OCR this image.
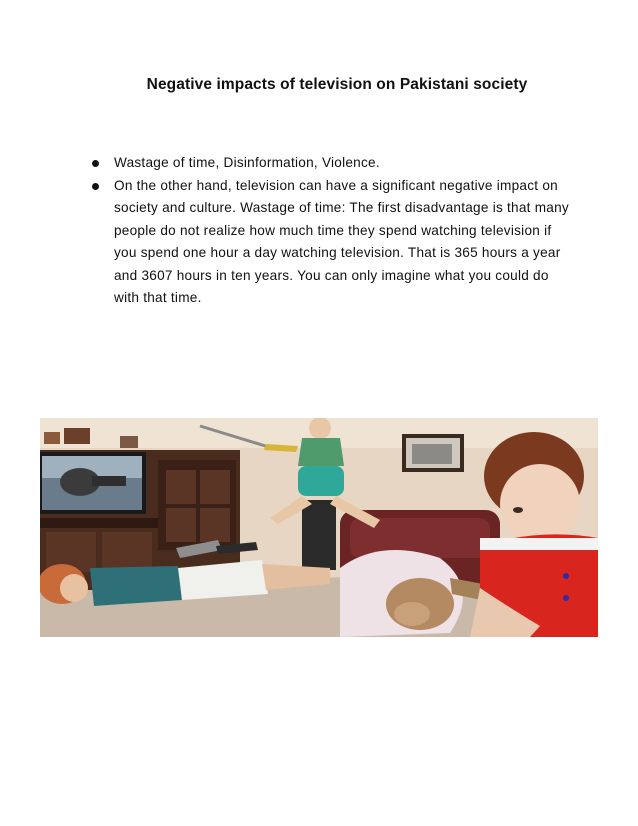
Negative impacts of television on Pakistani society
Wastage of time, Disinformation, Violence.
On the other hand, television can have a significant negative impact on society and culture. Wastage of time: The first disadvantage is that many people do not realize how much time they spend watching television if you spend one hour a day watching television. That is 365 hours a year and 3607 hours in ten years. You can only imagine what you could do with that time.
